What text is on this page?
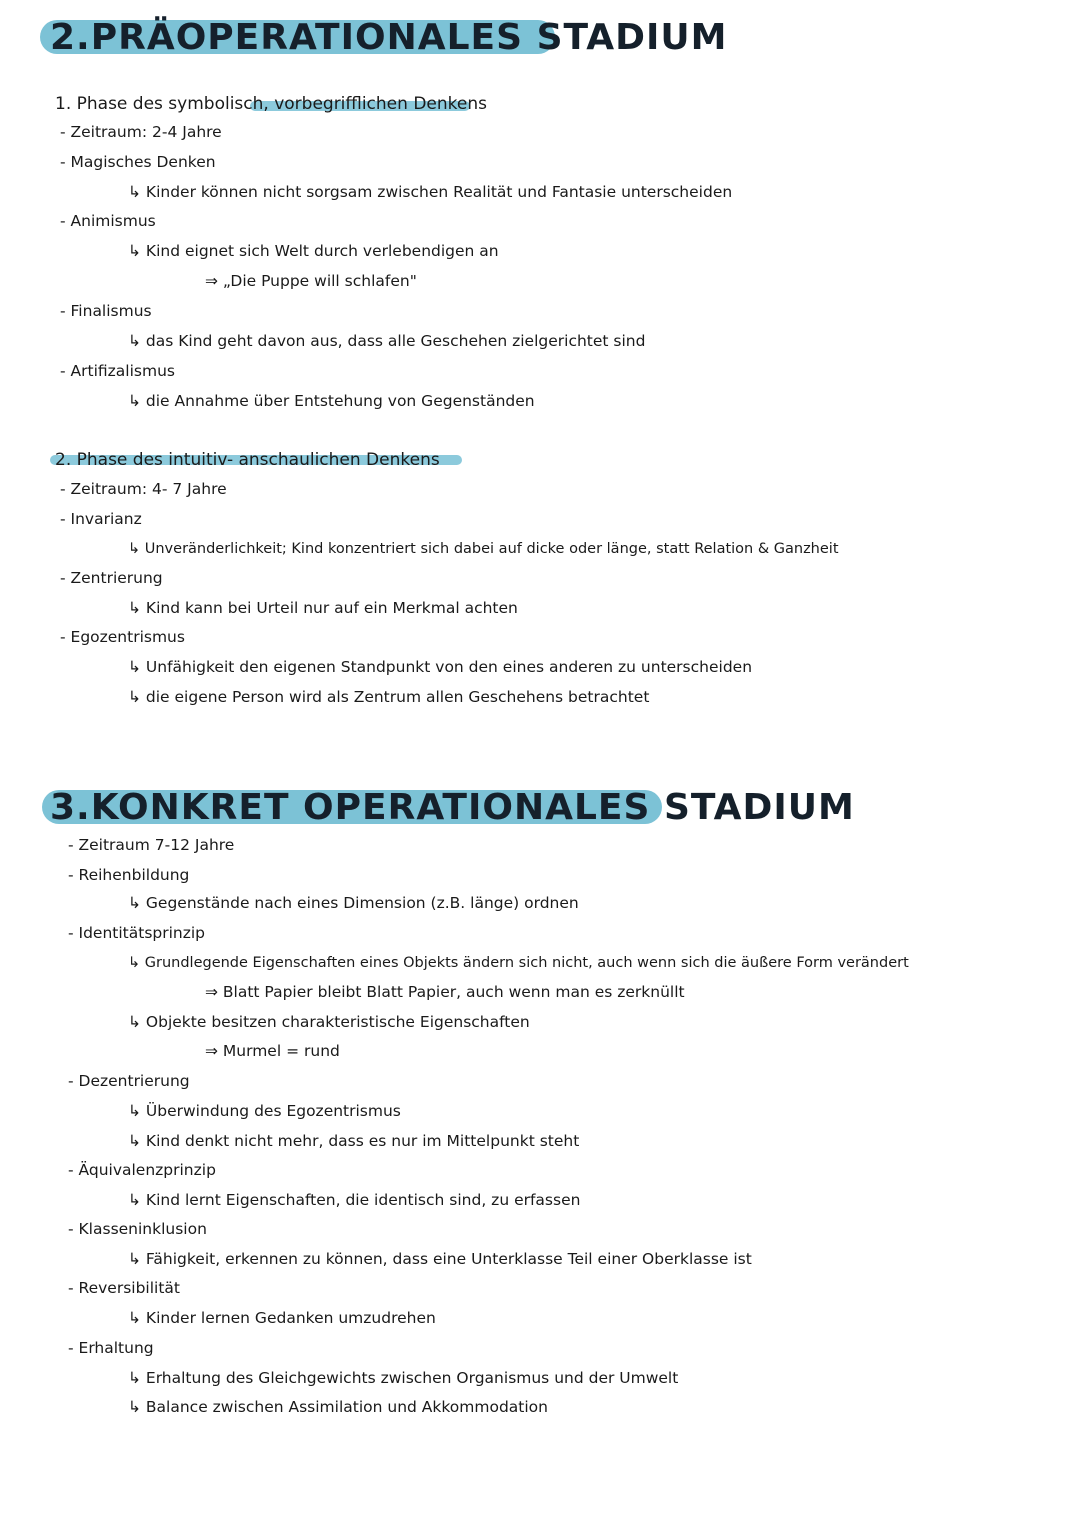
2.PRÄOPERATIONALES STADIUM
1. Phase des symbolisch, vorbegrifflichen Denkens
- Zeitraum: 2-4 Jahre
- Magisches Denken
↳ Kinder können nicht sorgsam zwischen Realität und Fantasie unterscheiden
- Animismus
↳ Kind eignet sich Welt durch verlebendigen an
⇒ „Die Puppe will schlafen"
- Finalismus
↳ das Kind geht davon aus, dass alle Geschehen zielgerichtet sind
- Artifizalismus
↳ die Annahme über Entstehung von Gegenständen
2. Phase des intuitiv- anschaulichen Denkens
- Zeitraum: 4- 7 Jahre
- Invarianz
↳ Unveränderlichkeit; Kind konzentriert sich dabei auf dicke oder länge, statt Relation & Ganzheit
- Zentrierung
↳ Kind kann bei Urteil nur auf ein Merkmal achten
- Egozentrismus
↳ Unfähigkeit den eigenen Standpunkt von den eines anderen zu unterscheiden
↳ die eigene Person wird als Zentrum allen Geschehens betrachtet
3.KONKRET OPERATIONALES STADIUM
- Zeitraum 7-12 Jahre
- Reihenbildung
↳ Gegenstände nach eines Dimension (z.B. länge) ordnen
- Identitätsprinzip
↳ Grundlegende Eigenschaften eines Objekts ändern sich nicht, auch wenn sich die äußere Form verändert
⇒ Blatt Papier bleibt Blatt Papier, auch wenn man es zerknüllt
↳ Objekte besitzen charakteristische Eigenschaften
⇒ Murmel = rund
- Dezentrierung
↳ Überwindung des Egozentrismus
↳ Kind denkt nicht mehr, dass es nur im Mittelpunkt steht
- Äquivalenzprinzip
↳ Kind lernt Eigenschaften, die identisch sind, zu erfassen
- Klasseninklusion
↳ Fähigkeit, erkennen zu können, dass eine Unterklasse Teil einer Oberklasse ist
- Reversibilität
↳ Kinder lernen Gedanken umzudrehen
- Erhaltung
↳ Erhaltung des Gleichgewichts zwischen Organismus und der Umwelt
↳ Balance zwischen Assimilation und Akkommodation
